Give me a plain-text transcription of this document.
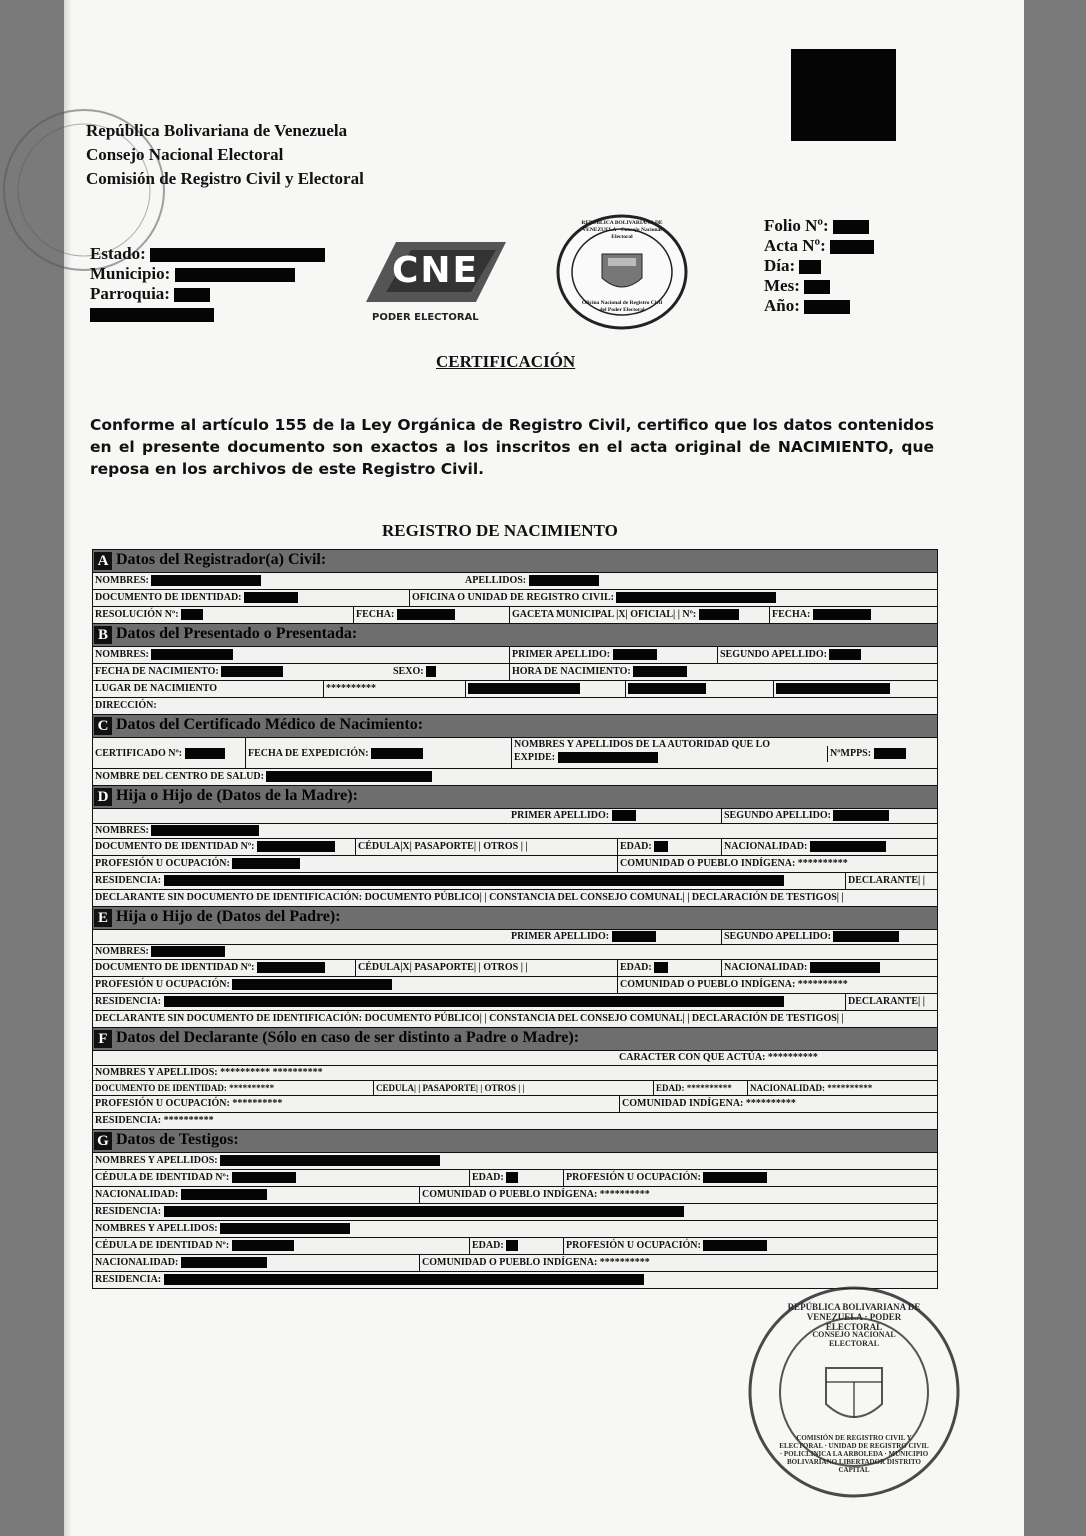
República Bolivariana de Venezuela
Consejo Nacional Electoral
Comisión de Registro Civil y Electoral
Estado:
Municipio:
Parroquia:
CNE
PODER ELECTORAL
REPÚBLICA BOLIVARIANA DE VENEZUELA · Consejo Nacional Electoral
Oficina Nacional de Registro Civil del Poder Electoral
Folio Nº:
Acta Nº:
Día:
Mes:
Año:
CERTIFICACIÓN
Conforme al artículo 155 de la Ley Orgánica de Registro Civil, certifico que los datos contenidos en el presente documento son exactos a los inscritos en el acta original de NACIMIENTO, que reposa en los archivos de este Registro Civil.
REGISTRO DE NACIMIENTO
A Datos del Registrador(a) Civil:
NOMBRES:	APELLIDOS:
DOCUMENTO DE IDENTIDAD:	OFICINA O UNIDAD DE REGISTRO CIVIL:
RESOLUCIÓN Nº:	FECHA:	GACETA MUNICIPAL |X| OFICIAL| | Nº:	FECHA:
B Datos del Presentado o Presentada:
NOMBRES:	PRIMER APELLIDO:	SEGUNDO APELLIDO:
FECHA DE NACIMIENTO:	SEXO:	HORA DE NACIMIENTO:
LUGAR DE NACIMIENTO	**********
DIRECCIÓN:
C Datos del Certificado Médico de Nacimiento:
CERTIFICADO Nº:	FECHA DE EXPEDICIÓN:
NOMBRES Y APELLIDOS DE LA AUTORIDAD QUE LO
EXPIDE:	NºMPPS:
NOMBRE DEL CENTRO DE SALUD:
D Hija o Hijo de (Datos de la Madre):
PRIMER APELLIDO:	SEGUNDO APELLIDO:
NOMBRES:
DOCUMENTO DE IDENTIDAD Nº:	CÉDULA|X| PASAPORTE| | OTROS | |	EDAD:	NACIONALIDAD:
PROFESIÓN U OCUPACIÓN:	COMUNIDAD O PUEBLO INDÍGENA: **********
RESIDENCIA:	DECLARANTE| |
DECLARANTE SIN DOCUMENTO DE IDENTIFICACIÓN: DOCUMENTO PÚBLICO| | CONSTANCIA DEL CONSEJO COMUNAL| | DECLARACIÓN DE TESTIGOS| |
E Hija o Hijo de (Datos del Padre):
PRIMER APELLIDO:	SEGUNDO APELLIDO:
NOMBRES:
DOCUMENTO DE IDENTIDAD Nº:	CÉDULA|X| PASAPORTE| | OTROS | |	EDAD:	NACIONALIDAD:
PROFESIÓN U OCUPACIÓN:	COMUNIDAD O PUEBLO INDÍGENA: **********
RESIDENCIA:	DECLARANTE| |
DECLARANTE SIN DOCUMENTO DE IDENTIFICACIÓN: DOCUMENTO PÚBLICO| | CONSTANCIA DEL CONSEJO COMUNAL| | DECLARACIÓN DE TESTIGOS| |
F Datos del Declarante (Sólo en caso de ser distinto a Padre o Madre):
CARACTER CON QUE ACTÚA: **********
NOMBRES Y APELLIDOS: ********** **********
DOCUMENTO DE IDENTIDAD: **********	CEDULA| | PASAPORTE| | OTROS | |	EDAD: **********	NACIONALIDAD: **********
PROFESIÓN U OCUPACIÓN: **********	COMUNIDAD INDÍGENA: **********
RESIDENCIA: **********
G Datos de Testigos:
NOMBRES Y APELLIDOS:
CÉDULA DE IDENTIDAD Nº:	EDAD:	PROFESIÓN U OCUPACIÓN:
NACIONALIDAD:	COMUNIDAD O PUEBLO INDÍGENA: **********
RESIDENCIA:
NOMBRES Y APELLIDOS:
CÉDULA DE IDENTIDAD Nº:	EDAD:	PROFESIÓN U OCUPACIÓN:
NACIONALIDAD:	COMUNIDAD O PUEBLO INDÍGENA: **********
RESIDENCIA:
REPÚBLICA BOLIVARIANA DE VENEZUELA · PODER ELECTORAL
CONSEJO NACIONAL ELECTORAL
COMISIÓN DE REGISTRO CIVIL Y ELECTORAL · UNIDAD DE REGISTRO CIVIL · POLICLINICA LA ARBOLEDA · MUNICIPIO BOLIVARIANO LIBERTADOR DISTRITO CAPITAL
